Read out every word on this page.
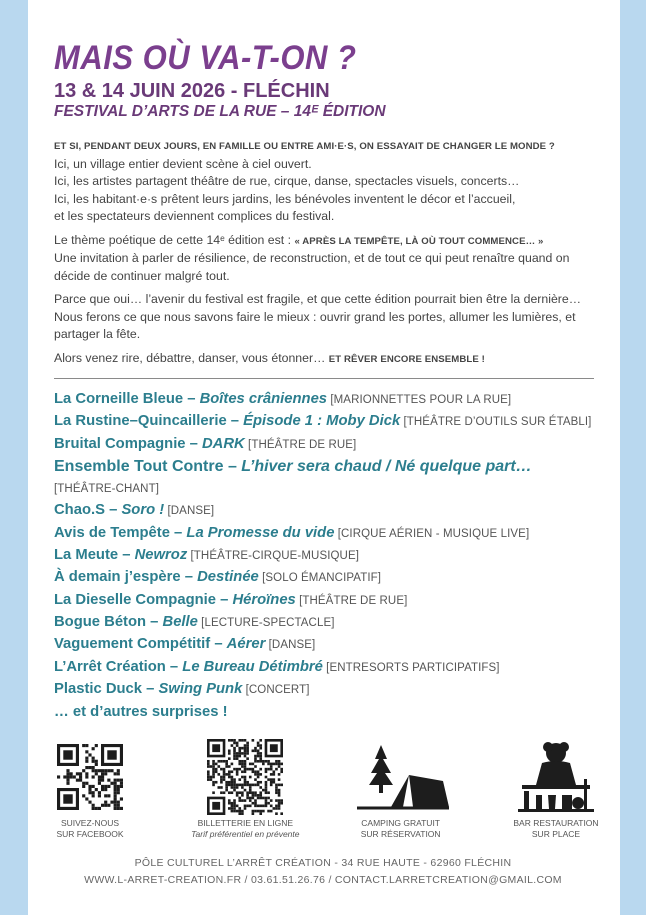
MAIS OÙ VA-T-ON ?
13 & 14 JUIN 2026 - FLÉCHIN
FESTIVAL D’ARTS DE LA RUE – 14ᴱ ÉDITION
ET SI, PENDANT DEUX JOURS, EN FAMILLE OU ENTRE AMI·E·S, ON ESSAYAIT DE CHANGER LE MONDE ?
Ici, un village entier devient scène à ciel ouvert.
Ici, les artistes partagent théâtre de rue, cirque, danse, spectacles visuels, concerts…
Ici, les habitant·e·s prêtent leurs jardins, les bénévoles inventent le décor et l’accueil,
et les spectateurs deviennent complices du festival.
Le thème poétique de cette 14ᵉ édition est : « APRÈS LA TEMPÊTE, LÀ OÙ TOUT COMMENCE… »
Une invitation à parler de résilience, de reconstruction, et de tout ce qui peut renaître quand on décide de continuer malgré tout.
Parce que oui… l’avenir du festival est fragile, et que cette édition pourrait bien être la dernière… Nous ferons ce que nous savons faire le mieux : ouvrir grand les portes, allumer les lumières, et partager la fête.
Alors venez rire, débattre, danser, vous étonner… ET RÊVER ENCORE ENSEMBLE !
La Corneille Bleue – Boîtes crâniennes [MARIONNETTES POUR LA RUE]
La Rustine–Quincaillerie – Épisode 1 : Moby Dick [THÉÂTRE D’OUTILS SUR ÉTABLI]
Bruital Compagnie – DARK [THÉÂTRE DE RUE]
Ensemble Tout Contre – L’hiver sera chaud / Né quelque part…
[THÉÂTRE-CHANT]
Chao.S – Soro ! [DANSE]
Avis de Tempête – La Promesse du vide [CIRQUE AÉRIEN - MUSIQUE LIVE]
La Meute – Newroz [THÉÂTRE-CIRQUE-MUSIQUE]
À demain j’espère – Destinée [SOLO ÉMANCIPATIF]
La Dieselle Compagnie – Héroïnes [THÉÂTRE DE RUE]
Bogue Béton – Belle [LECTURE-SPECTACLE]
Vaguement Compétitif – Aérer [DANSE]
L’Arrêt Création – Le Bureau Détimbré [ENTRESORTS PARTICIPATIFS]
Plastic Duck – Swing Punk [CONCERT]
… et d’autres surprises !
SUIVEZ-NOUS
SUR FACEBOOK
BILLETTERIE EN LIGNE
Tarif préférentiel en prévente
CAMPING GRATUIT
SUR RÉSERVATION
BAR RESTAURATION
SUR PLACE
PÔLE CULTUREL L’ARRÊT CRÉATION - 34 RUE HAUTE - 62960 FLÉCHIN
WWW.L-ARRET-CREATION.FR / 03.61.51.26.76 / CONTACT.LARRETCREATION@GMAIL.COM
